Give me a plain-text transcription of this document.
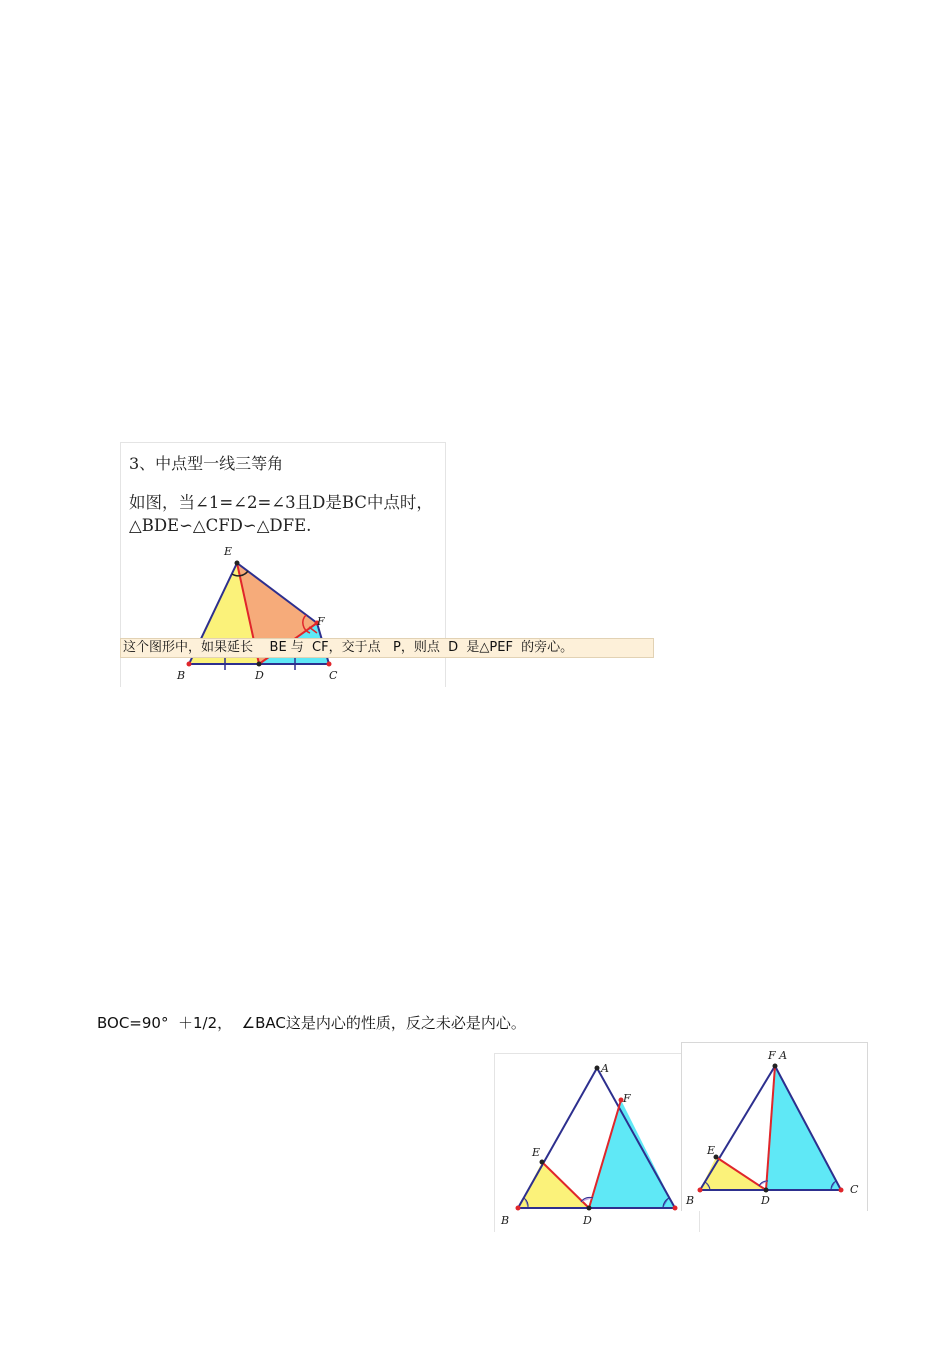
3、中点型一线三等角
如图，当∠1=∠2=∠3且D是BC中点时，
△BDE∽△CFD∽△DFE.
E
F
B	D	C
这个图形中，如果延长    BE 与  CF，交于点   P，则点  D  是△PEF  的旁心。
BOC=90°  ＋1/2，  ∠BAC这是内心的性质，反之未必是内心。
A
F
E
B	D
F A
E
B	D
C
